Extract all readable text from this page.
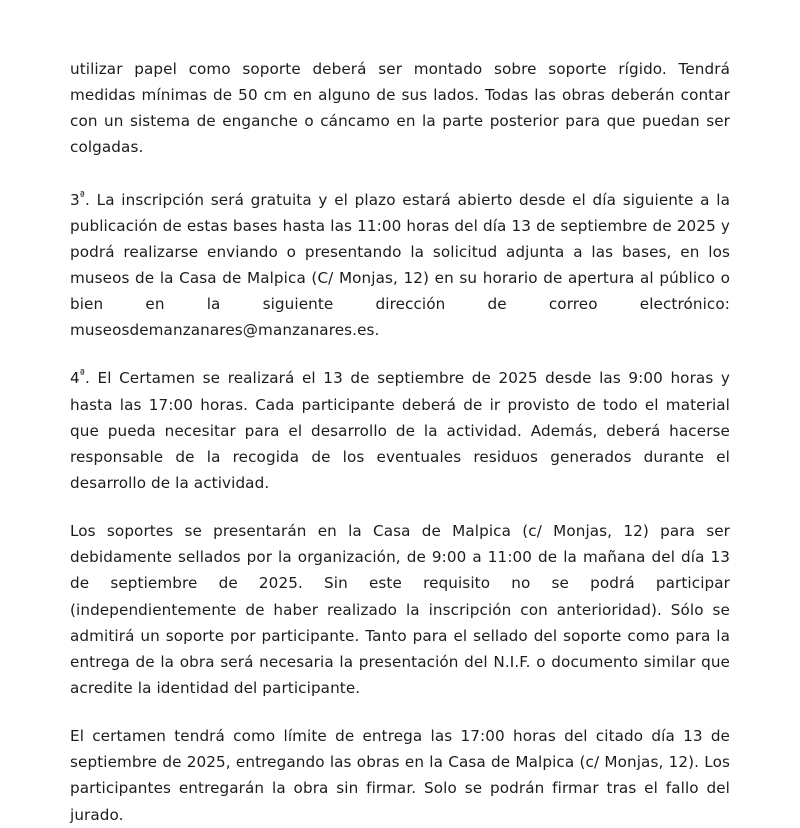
utilizar papel como soporte deberá ser montado sobre soporte rígido. Tendrá medidas mínimas de 50 cm en alguno de sus lados. Todas las obras deberán contar con un sistema de enganche o cáncamo en la parte posterior para que puedan ser colgadas.

$3^ª$. La inscripción será gratuita y el plazo estará abierto desde el día siguiente a la publicación de estas bases hasta las 11:00 horas del día 13 de septiembre de 2025 y podrá realizarse enviando o presentando la solicitud adjunta a las bases, en los museos de la Casa de Malpica (C/ Monjas, 12) en su horario de apertura al público o bien en la siguiente dirección de correo electrónico: museosdemanzanares@manzanares.es.

$4^ª$. El Certamen se realizará el 13 de septiembre de 2025 desde las 9:00 horas y hasta las 17:00 horas. Cada participante deberá de ir provisto de todo el material que pueda necesitar para el desarrollo de la actividad. Además, deberá hacerse responsable de la recogida de los eventuales residuos generados durante el desarrollo de la actividad.

Los soportes se presentarán en la Casa de Malpica (c/ Monjas, 12) para ser debidamente sellados por la organización, de 9:00 a 11:00 de la mañana del día 13 de septiembre de 2025. Sin este requisito no se podrá participar (independientemente de haber realizado la inscripción con anterioridad). Sólo se admitirá un soporte por participante. Tanto para el sellado del soporte como para la entrega de la obra será necesaria la presentación del N.I.F. o documento similar que acredite la identidad del participante.

El certamen tendrá como límite de entrega las 17:00 horas del citado día 13 de septiembre de 2025, entregando las obras en la Casa de Malpica (c/ Monjas, 12). Los participantes entregarán la obra sin firmar. Solo se podrán firmar tras el fallo del jurado.
